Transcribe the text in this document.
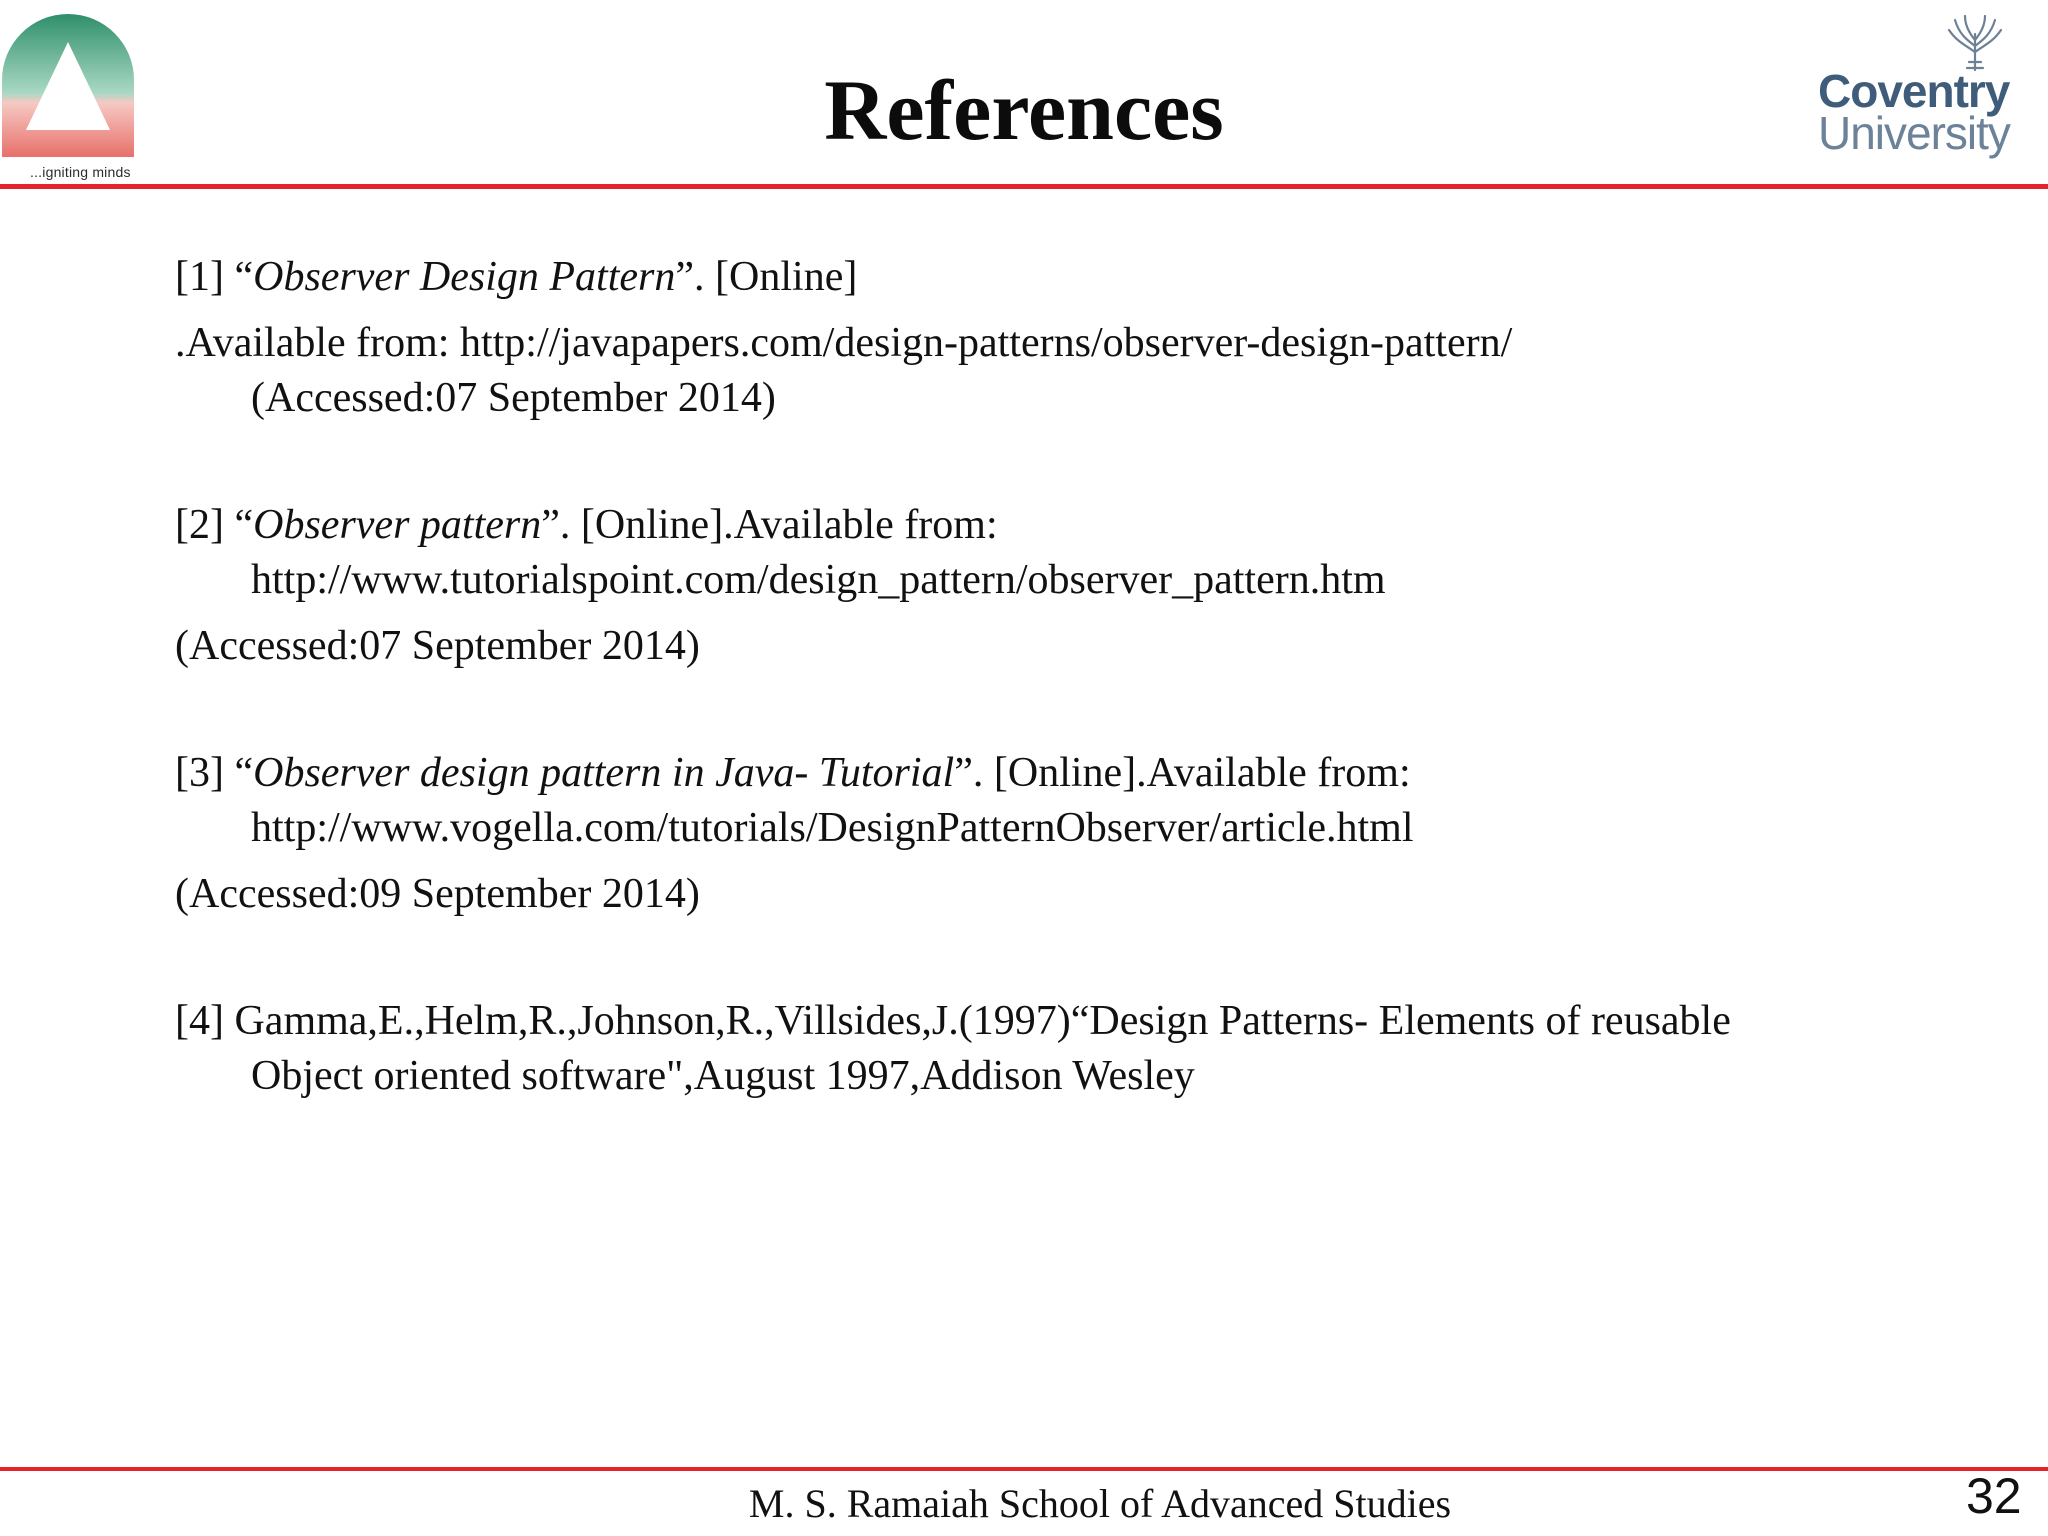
...igniting minds
References	Coventry
University
[1] “Observer Design Pattern”. [Online]
.Available from: http://javapapers.com/design-patterns/observer-design-pattern/
(Accessed:07 September 2014)
[2] “Observer pattern”. [Online].Available from:
http://www.tutorialspoint.com/design_pattern/observer_pattern.htm
(Accessed:07 September 2014)
[3] “Observer design pattern in Java- Tutorial”. [Online].Available from:
http://www.vogella.com/tutorials/DesignPatternObserver/article.html
(Accessed:09 September 2014)
[4] Gamma,E.,Helm,R.,Johnson,R.,Villsides,J.(1997)“Design Patterns- Elements of reusable
Object oriented software",August 1997,Addison Wesley
M. S. Ramaiah School of Advanced Studies	32
